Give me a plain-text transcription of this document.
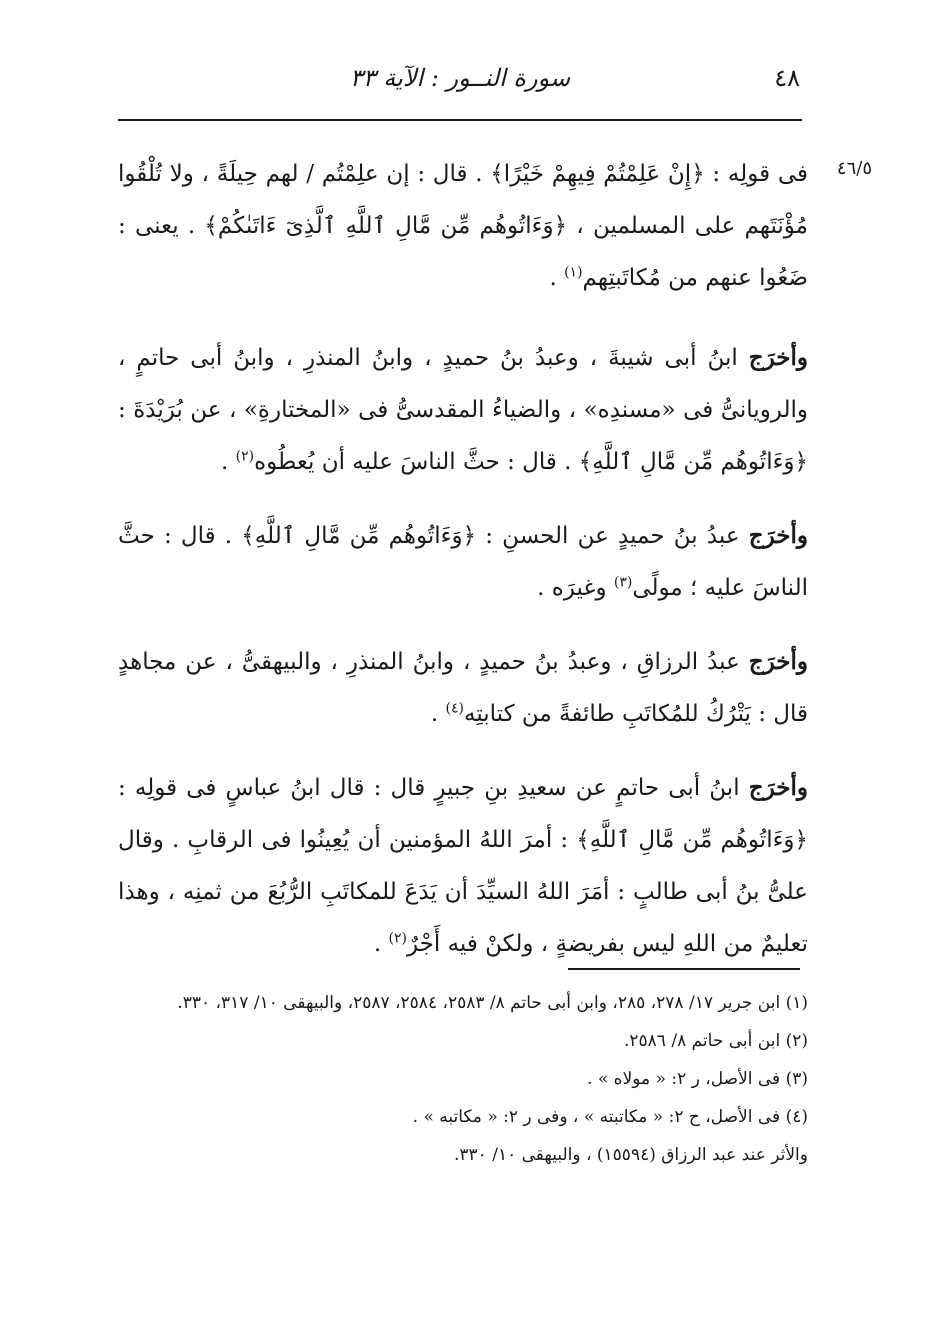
٤٨
سورة النــور : الآية ٣٣
٤٦/٥

فى قولِه : ﴿إِنْ عَلِمْتُمْ فِيهِمْ خَيْرًا﴾ . قال : إن علِمْتُم / لهم حِيلَةً ، ولا تُلْقُوا مُؤْنَتَهم على المسلمين ، ﴿وَءَاتُوهُم مِّن مَّالِ ٱللَّهِ ٱلَّذِىٓ ءَاتَىٰكُمْ﴾ . يعنى : ضَعُوا عنهم من مُكاتَبتِهم$^{(١)}$ .

وأخرَج ابنُ أبى شيبةَ ، وعبدُ بنُ حميدٍ ، وابنُ المنذرِ ، وابنُ أبى حاتمٍ ، والرويانىُّ فى «مسندِه» ، والضياءُ المقدسىُّ فى «المختارةِ» ، عن بُرَيْدَةَ : ﴿وَءَاتُوهُم مِّن مَّالِ ٱللَّهِ﴾ . قال : حثَّ الناسَ عليه أن يُعطُوه$^{(٢)}$ .

وأخرَج عبدُ بنُ حميدٍ عن الحسنِ : ﴿وَءَاتُوهُم مِّن مَّالِ ٱللَّهِ﴾ . قال : حثَّ الناسَ عليه ؛ مولًى$^{(٣)}$ وغيرَه .

وأخرَج عبدُ الرزاقِ ، وعبدُ بنُ حميدٍ ، وابنُ المنذرِ ، والبيهقىُّ ، عن مجاهدٍ قال : يَتْرُكُ للمُكاتَبِ طائفةً من كتابتِه$^{(٤)}$ .

وأخرَج ابنُ أبى حاتمٍ عن سعيدِ بنِ جبيرٍ قال : قال ابنُ عباسٍ فى قولِه : ﴿وَءَاتُوهُم مِّن مَّالِ ٱللَّهِ﴾ : أمرَ اللهُ المؤمنين أن يُعِينُوا فى الرقابِ . وقال علىُّ بنُ أبى طالبٍ : أمَرَ اللهُ السيِّدَ أن يَدَعَ للمكاتَبِ الرُّبُعَ من ثمنِه ، وهذا تعليمٌ من اللهِ ليس بفريضةٍ ، ولكنْ فيه أَجْرٌ$^{(٢)}$ .

(١) ابن جرير ١٧/ ٢٧٨، ٢٨٥، وابن أبى حاتم ٨/ ٢٥٨٣، ٢٥٨٤، ٢٥٨٧، والبيهقى ١٠/ ٣١٧، ٣٣٠.

(٢) ابن أبى حاتم ٨/ ٢٥٨٦.

(٣) فى الأصل، ر ٢: « مولاه » .

(٤) فى الأصل، ح ٢: « مكاتبته » ، وفى ر ٢: « مكاتبه » .

والأثر عند عبد الرزاق (١٥٥٩٤) ، والبيهقى ١٠/ ٣٣٠.
